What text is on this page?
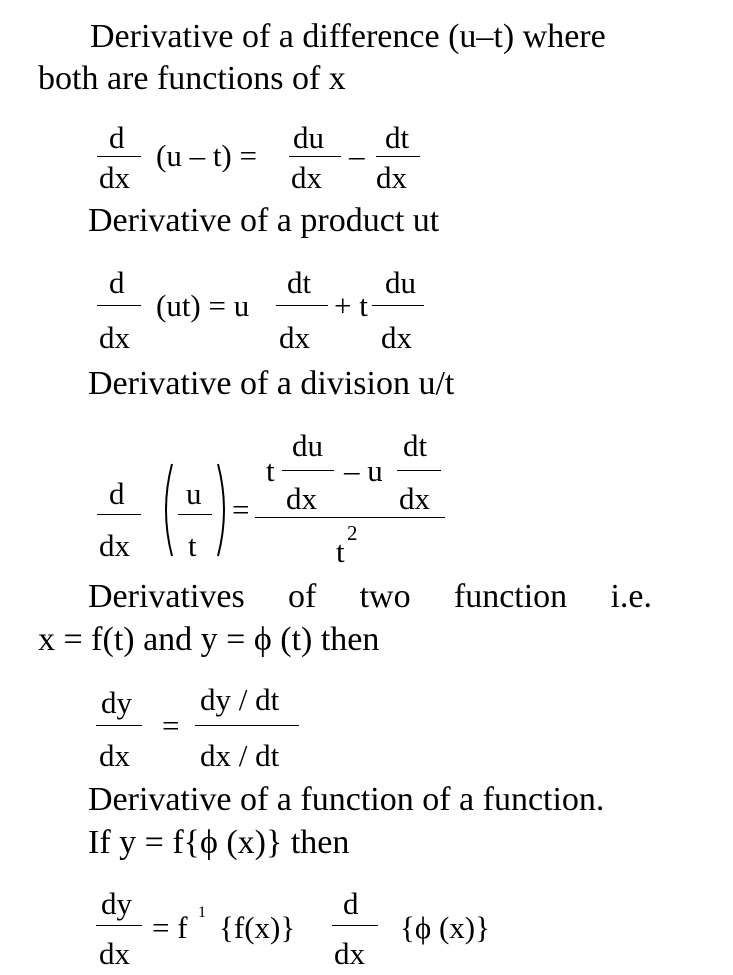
Derivative of a difference (u–t) where
both are functions of x
d
dx
(u – t) =
du
dx
–
dt
dx
Derivative of a product ut
d
dx
(ut) = u
dt
dx
+ t
du
dx
Derivative of a division u/t
d
dx
u
t
=
t
du
dx
– u
dt
dx
t
2
Derivatives of two function i.e.
x = f(t) and y = ϕ (t) then
dy
dx
=
dy / dt
dx / dt
Derivative of a function of a function.
If y = f{ϕ (x)} then
dy
dx
= f 1 {f(x)}
d
dx
{ϕ (x)}
